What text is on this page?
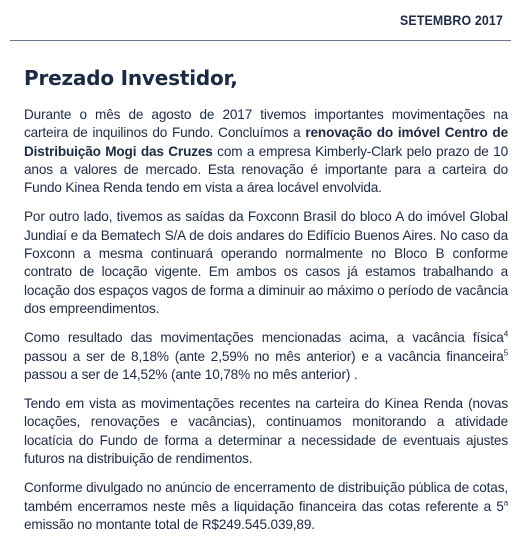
SETEMBRO 2017
Prezado Investidor,

Durante o mês de agosto de 2017 tivemos importantes movimentações na carteira de inquilinos do Fundo. Concluímos a renovação do imóvel Centro de Distribuição Mogi das Cruzes com a empresa Kimberly-Clark pelo prazo de 10 anos a valores de mercado. Esta renovação é importante para a carteira do Fundo Kinea Renda tendo em vista a área locável envolvida.

Por outro lado, tivemos as saídas da Foxconn Brasil do bloco A do imóvel Global Jundiaí e da Bematech S/A de dois andares do Edifício Buenos Aires. No caso da Foxconn a mesma continuará operando normalmente no Bloco B conforme contrato de locação vigente. Em ambos os casos já estamos trabalhando a locação dos espaços vagos de forma a diminuir ao máximo o período de vacância dos empreendimentos.

Como resultado das movimentações mencionadas acima, a vacância física$^4$ passou a ser de 8,18% (ante 2,59% no mês anterior) e a vacância financeira$^5$ passou a ser de 14,52% (ante 10,78% no mês anterior) .

Tendo em vista as movimentações recentes na carteira do Kinea Renda (novas locações, renovações e vacâncias), continuamos monitorando a atividade locatícia do Fundo de forma a determinar a necessidade de eventuais ajustes futuros na distribuição de rendimentos.

Conforme divulgado no anúncio de encerramento de distribuição pública de cotas, também encerramos neste mês a liquidação financeira das cotas referente a 5$^a$ emissão no montante total de R$249.545.039,89.
